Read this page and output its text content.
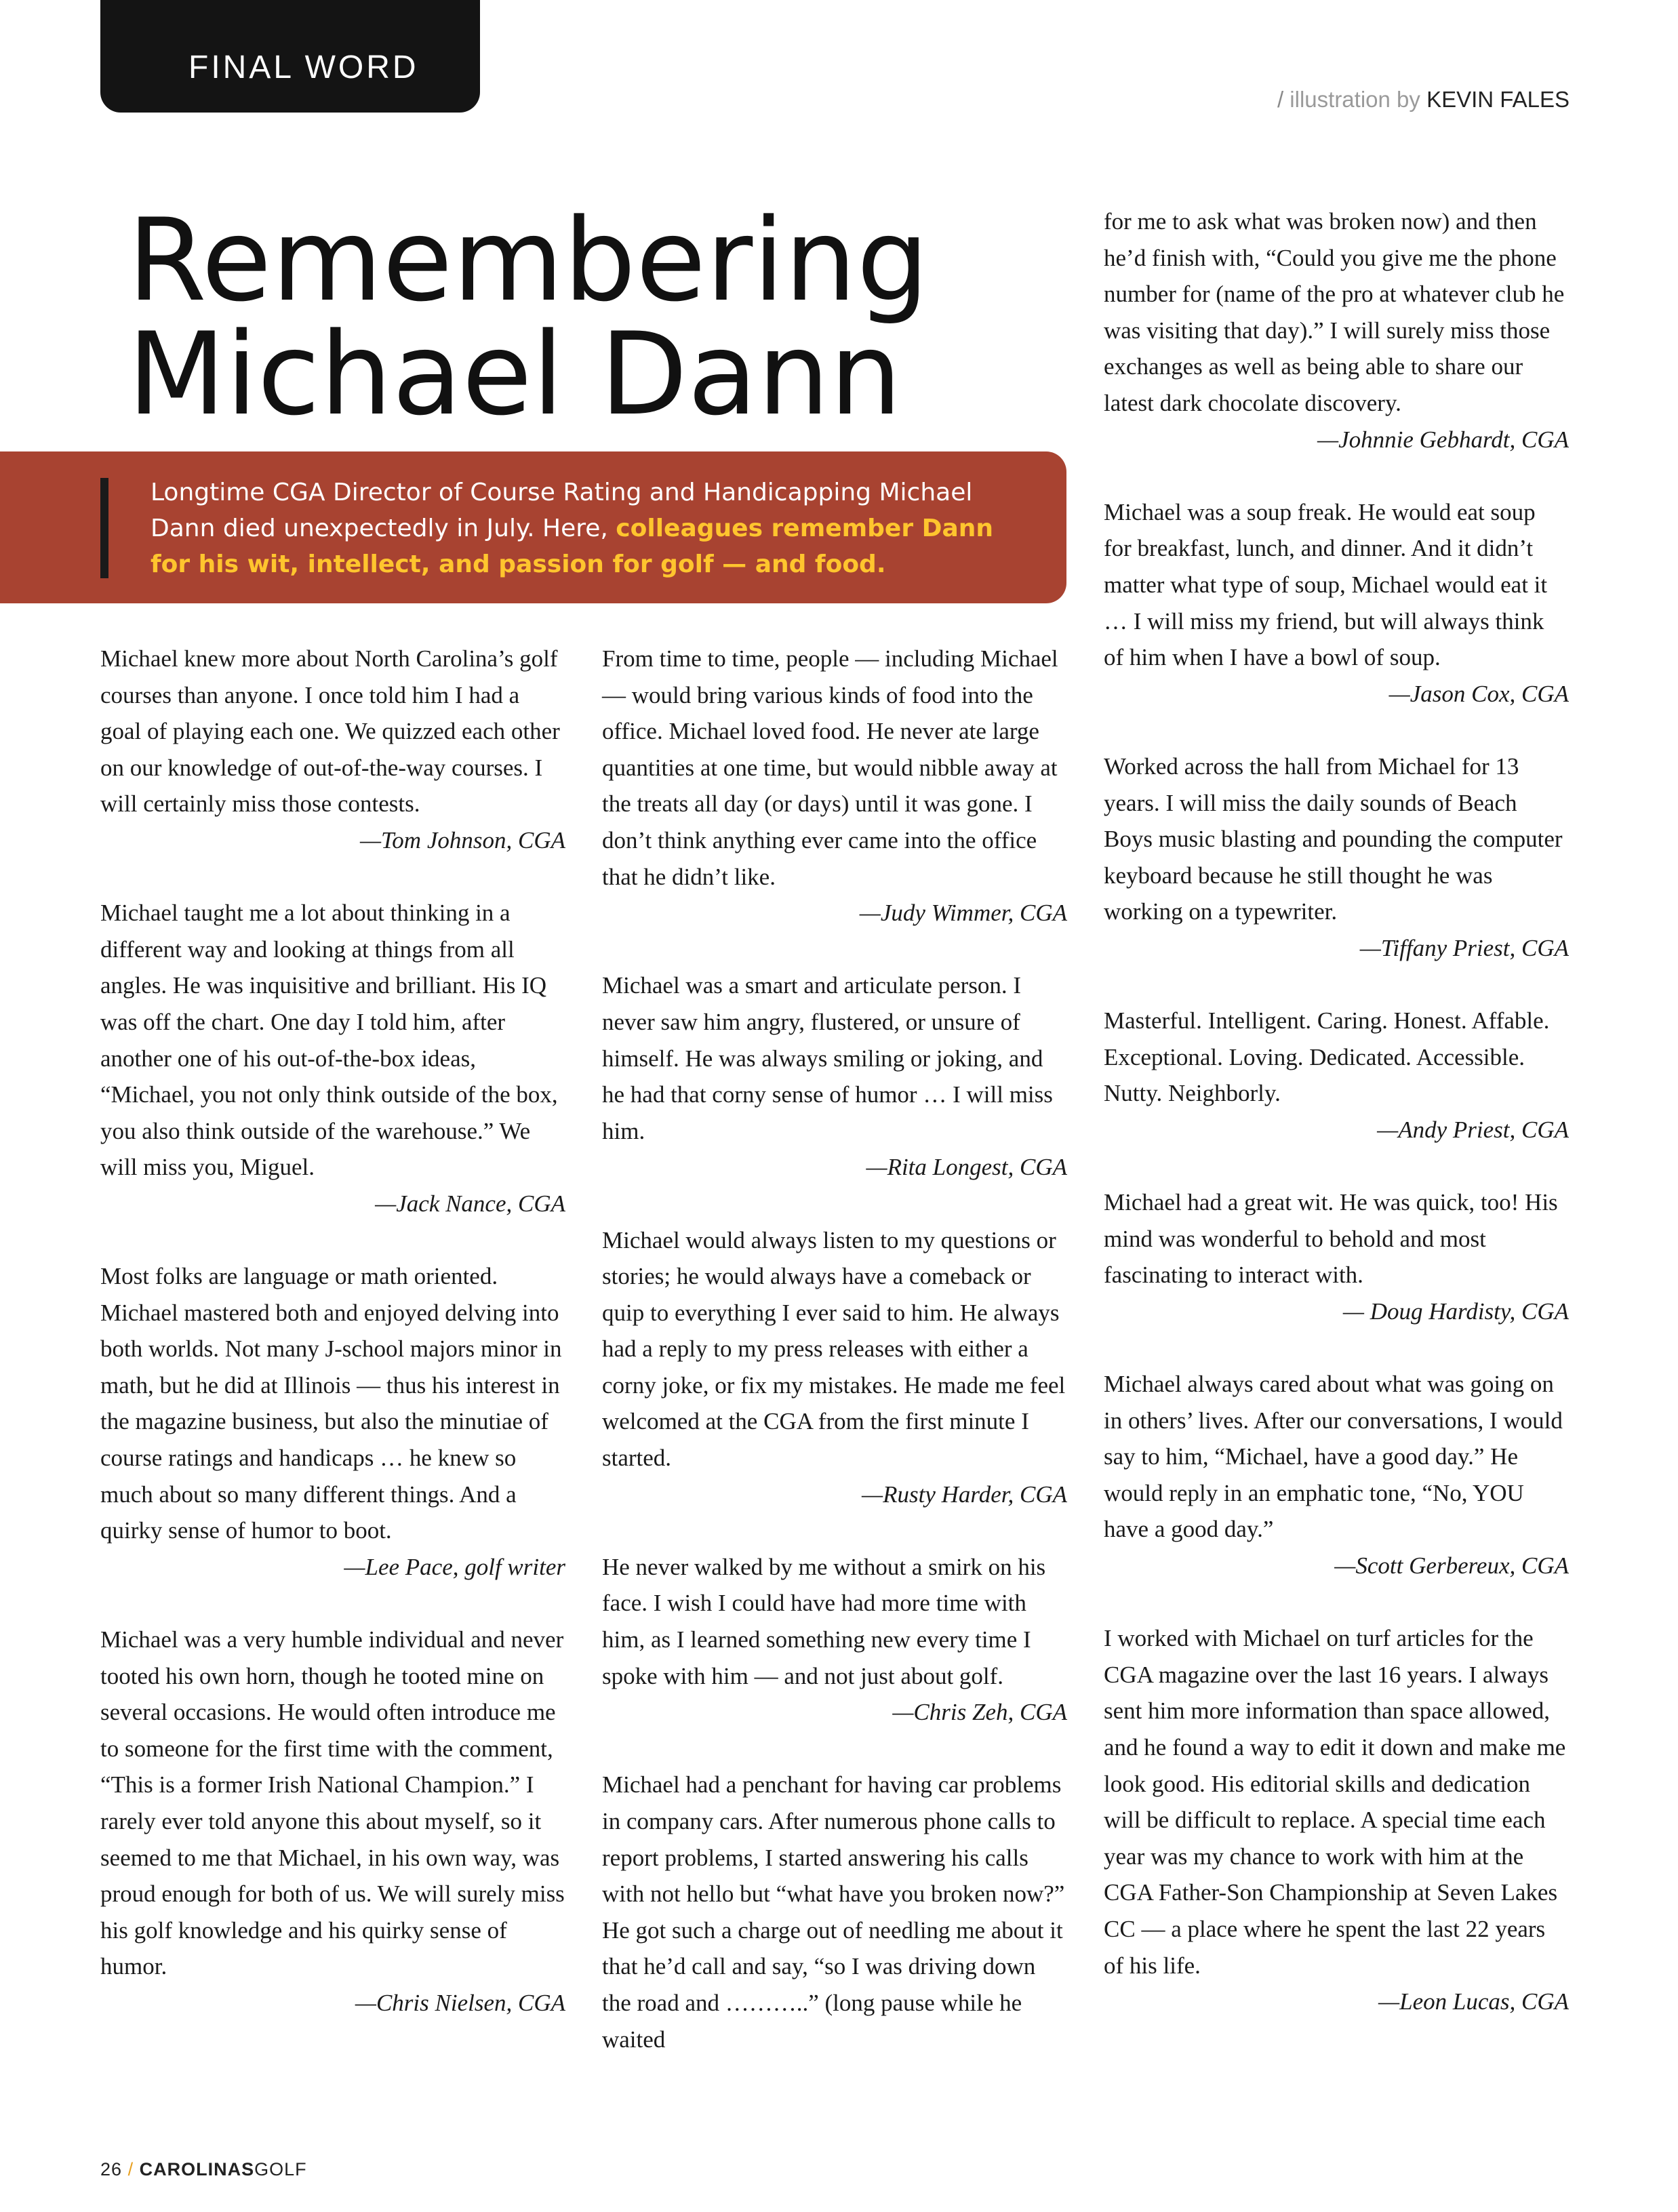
FINAL WORD
/ illustration by KEVIN FALES
Remembering
Michael Dann
Longtime CGA Director of Course Rating and Handicapping Michael Dann died unexpectedly in July. Here, colleagues remember Dann for his wit, intellect, and passion for golf — and food.

Michael knew more about North Carolina’s golf courses than anyone. I once told him I had a goal of playing each one. We quizzed each other on our knowledge of out-of-the-way courses. I will certainly miss those contests.

—Tom Johnson, CGA

Michael taught me a lot about thinking in a different way and looking at things from all angles. He was inquisitive and brilliant. His IQ was off the chart. One day I told him, after another one of his out-of-the-box ideas, “Michael, you not only think outside of the box, you also think outside of the warehouse.” We will miss you, Miguel.

—Jack Nance, CGA

Most folks are language or math oriented. Michael mastered both and enjoyed delving into both worlds. Not many J-school majors minor in math, but he did at Illinois — thus his interest in the magazine business, but also the minutiae of course ratings and handicaps … he knew so much about so many different things. And a quirky sense of humor to boot.

—Lee Pace, golf writer

Michael was a very humble individual and never tooted his own horn, though he tooted mine on several occasions. He would often introduce me to someone for the first time with the comment, “This is a former Irish National Champion.” I rarely ever told anyone this about myself, so it seemed to me that Michael, in his own way, was proud enough for both of us. We will surely miss his golf knowledge and his quirky sense of humor.

—Chris Nielsen, CGA

From time to time, people — including Michael — would bring various kinds of food into the office. Michael loved food. He never ate large quantities at one time, but would nibble away at the treats all day (or days) until it was gone. I don’t think anything ever came into the office that he didn’t like.

—Judy Wimmer, CGA

Michael was a smart and articulate person. I never saw him angry, flustered, or unsure of himself. He was always smiling or joking, and he had that corny sense of humor … I will miss him.

—Rita Longest, CGA

Michael would always listen to my questions or stories; he would always have a comeback or quip to everything I ever said to him. He always had a reply to my press releases with either a corny joke, or fix my mistakes. He made me feel welcomed at the CGA from the first minute I started.

—Rusty Harder, CGA

He never walked by me without a smirk on his face. I wish I could have had more time with him, as I learned something new every time I spoke with him — and not just about golf.

—Chris Zeh, CGA

Michael had a penchant for having car problems in company cars. After numerous phone calls to report problems, I started answering his calls with not hello but “what have you broken now?” He got such a charge out of needling me about it that he’d call and say, “so I was driving down the road and ………..” (long pause while he waited

for me to ask what was broken now) and then he’d finish with, “Could you give me the phone number for (name of the pro at whatever club he was visiting that day).” I will surely miss those exchanges as well as being able to share our latest dark chocolate discovery.

—Johnnie Gebhardt, CGA

Michael was a soup freak. He would eat soup for breakfast, lunch, and dinner. And it didn’t matter what type of soup, Michael would eat it … I will miss my friend, but will always think of him when I have a bowl of soup.

—Jason Cox, CGA

Worked across the hall from Michael for 13 years. I will miss the daily sounds of Beach Boys music blasting and pounding the computer keyboard because he still thought he was working on a typewriter.

—Tiffany Priest, CGA

Masterful. Intelligent. Caring. Honest. Affable. Exceptional. Loving. Dedicated. Accessible. Nutty. Neighborly.

—Andy Priest, CGA

Michael had a great wit. He was quick, too! His mind was wonderful to behold and most fascinating to interact with.

— Doug Hardisty, CGA

Michael always cared about what was going on in others’ lives. After our conversations, I would say to him, “Michael, have a good day.” He would reply in an emphatic tone, “No, YOU have a good day.”

—Scott Gerbereux, CGA

I worked with Michael on turf articles for the CGA magazine over the last 16 years. I always sent him more information than space allowed, and he found a way to edit it down and make me look good. His editorial skills and dedication will be difficult to replace. A special time each year was my chance to work with him at the CGA Father-Son Championship at Seven Lakes CC — a place where he spent the last 22 years of his life.

—Leon Lucas, CGA

26 / CAROLINASGOLF
